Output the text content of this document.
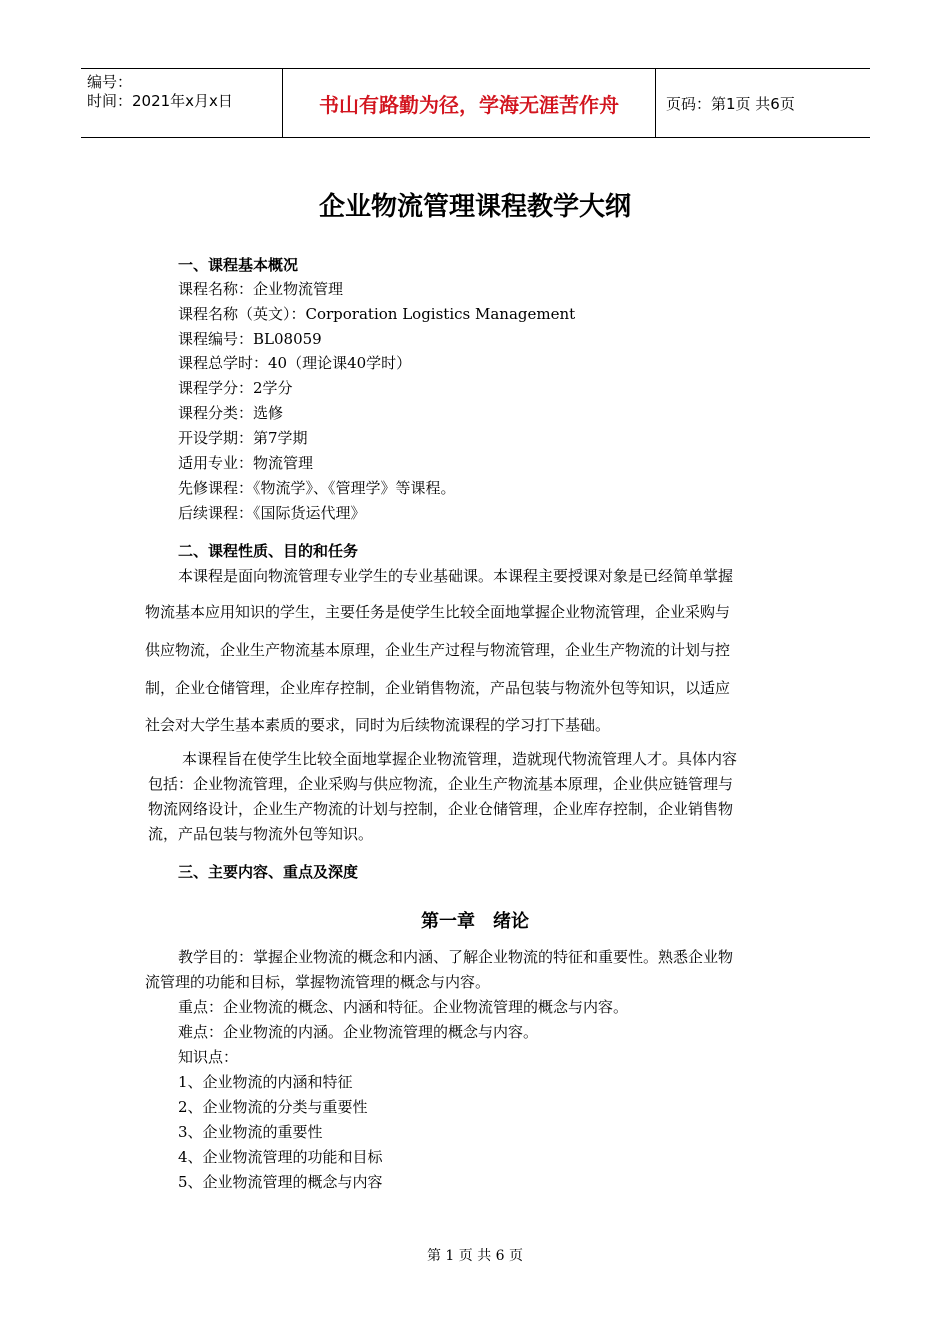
编号：
时间：2021年x月x日	书山有路勤为径，学海无涯苦作舟	页码：第1页 共6页
企业物流管理课程教学大纲
一、课程基本概况
课程名称：企业物流管理
课程名称（英文）：Corporation Logistics Management
课程编号：BL08059
课程总学时：40（理论课40学时）
课程学分：2学分
课程分类：选修
开设学期：第7学期
适用专业：物流管理
先修课程：《物流学》、《管理学》等课程。
后续课程：《国际货运代理》
二、课程性质、目的和任务
本课程是面向物流管理专业学生的专业基础课。本课程主要授课对象是已经简单掌握
物流基本应用知识的学生，主要任务是使学生比较全面地掌握企业物流管理，企业采购与
供应物流，企业生产物流基本原理，企业生产过程与物流管理，企业生产物流的计划与控
制，企业仓储管理，企业库存控制，企业销售物流，产品包装与物流外包等知识，以适应
社会对大学生基本素质的要求，同时为后续物流课程的学习打下基础。
本课程旨在使学生比较全面地掌握企业物流管理，造就现代物流管理人才。具体内容
包括：企业物流管理，企业采购与供应物流，企业生产物流基本原理，企业供应链管理与
物流网络设计，企业生产物流的计划与控制，企业仓储管理，企业库存控制，企业销售物
流，产品包装与物流外包等知识。
三、主要内容、重点及深度
第一章　绪论
教学目的：掌握企业物流的概念和内涵、了解企业物流的特征和重要性。熟悉企业物
流管理的功能和目标，掌握物流管理的概念与内容。
重点：企业物流的概念、内涵和特征。企业物流管理的概念与内容。
难点：企业物流的内涵。企业物流管理的概念与内容。
知识点：
1、企业物流的内涵和特征
2、企业物流的分类与重要性
3、企业物流的重要性
4、企业物流管理的功能和目标
5、企业物流管理的概念与内容
第 1 页 共 6 页
